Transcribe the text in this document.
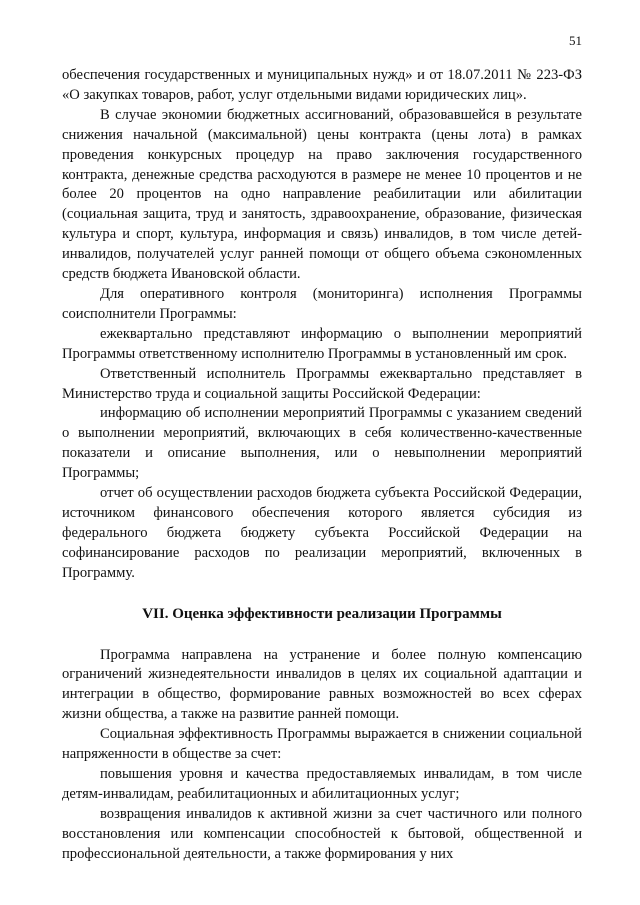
51

обеспечения государственных и муниципальных нужд» и от 18.07.2011 № 223-ФЗ «О закупках товаров, работ, услуг отдельными видами юридических лиц».

В случае экономии бюджетных ассигнований, образовавшейся в результате снижения начальной (максимальной) цены контракта (цены лота) в рамках проведения конкурсных процедур на право заключения государственного контракта, денежные средства расходуются в размере не менее 10 процентов и не более 20 процентов на одно направление реабилитации или абилитации (социальная защита, труд и занятость, здравоохранение, образование, физическая культура и спорт, культура, информация и связь) инвалидов, в том числе детей-инвалидов, получателей услуг ранней помощи от общего объема сэкономленных средств бюджета Ивановской области.

Для оперативного контроля (мониторинга) исполнения Программы соисполнители Программы:

ежеквартально представляют информацию о выполнении мероприятий Программы ответственному исполнителю Программы в установленный им срок.

Ответственный исполнитель Программы ежеквартально представляет в Министерство труда и социальной защиты Российской Федерации:

информацию об исполнении мероприятий Программы с указанием сведений о выполнении мероприятий, включающих в себя количественно-качественные показатели и описание выполнения, или о невыполнении мероприятий Программы;

отчет об осуществлении расходов бюджета субъекта Российской Федерации, источником финансового обеспечения которого является субсидия из федерального бюджета бюджету субъекта Российской Федерации на софинансирование расходов по реализации мероприятий, включенных в Программу.

VII. Оценка эффективности реализации Программы

Программа направлена на устранение и более полную компенсацию ограничений жизнедеятельности инвалидов в целях их социальной адаптации и интеграции в общество, формирование равных возможностей во всех сферах жизни общества, а также на развитие ранней помощи.

Социальная эффективность Программы выражается в снижении социальной напряженности в обществе за счет:

повышения уровня и качества предоставляемых инвалидам, в том числе детям-инвалидам, реабилитационных и абилитационных услуг;

возвращения инвалидов к активной жизни за счет частичного или полного восстановления или компенсации способностей к бытовой, общественной и профессиональной деятельности, а также формирования у них
